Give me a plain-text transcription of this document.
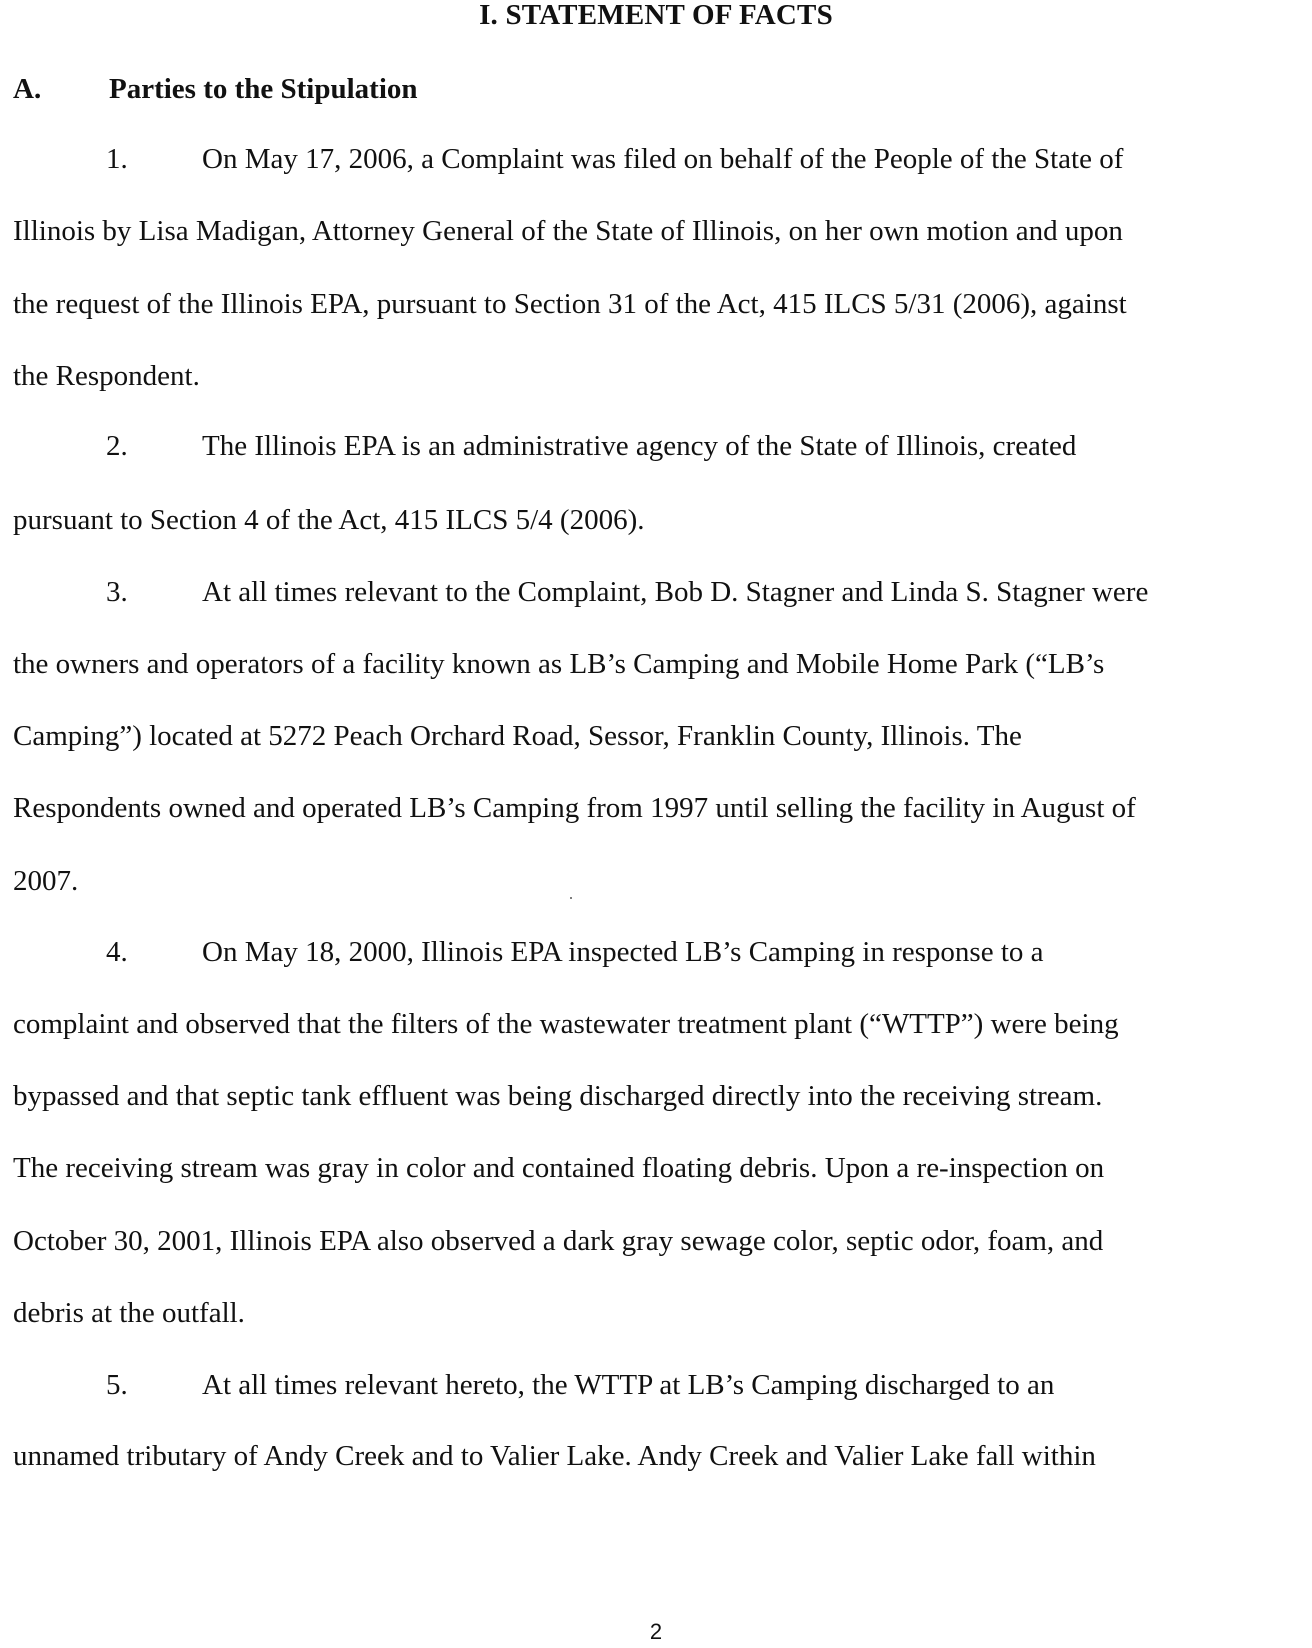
I. STATEMENT OF FACTS
A. Parties to the Stipulation
1.	On May 17, 2006, a Complaint was filed on behalf of the People of the State of
Illinois by Lisa Madigan, Attorney General of the State of Illinois, on her own motion and upon
the request of the Illinois EPA, pursuant to Section 31 of the Act, 415 ILCS 5/31 (2006), against
the Respondent.
2.	The Illinois EPA is an administrative agency of the State of Illinois, created
pursuant to Section 4 of the Act, 415 ILCS 5/4 (2006).
3.	At all times relevant to the Complaint, Bob D. Stagner and Linda S. Stagner were
the owners and operators of a facility known as LB’s Camping and Mobile Home Park (“LB’s
Camping”) located at 5272 Peach Orchard Road, Sessor, Franklin County, Illinois. The
Respondents owned and operated LB’s Camping from 1997 until selling the facility in August of
2007.
4.	On May 18, 2000, Illinois EPA inspected LB’s Camping in response to a
complaint and observed that the filters of the wastewater treatment plant (“WTTP”) were being
bypassed and that septic tank effluent was being discharged directly into the receiving stream.
The receiving stream was gray in color and contained floating debris. Upon a re-inspection on
October 30, 2001, Illinois EPA also observed a dark gray sewage color, septic odor, foam, and
debris at the outfall.
5.	At all times relevant hereto, the WTTP at LB’s Camping discharged to an
unnamed tributary of Andy Creek and to Valier Lake. Andy Creek and Valier Lake fall within
2
